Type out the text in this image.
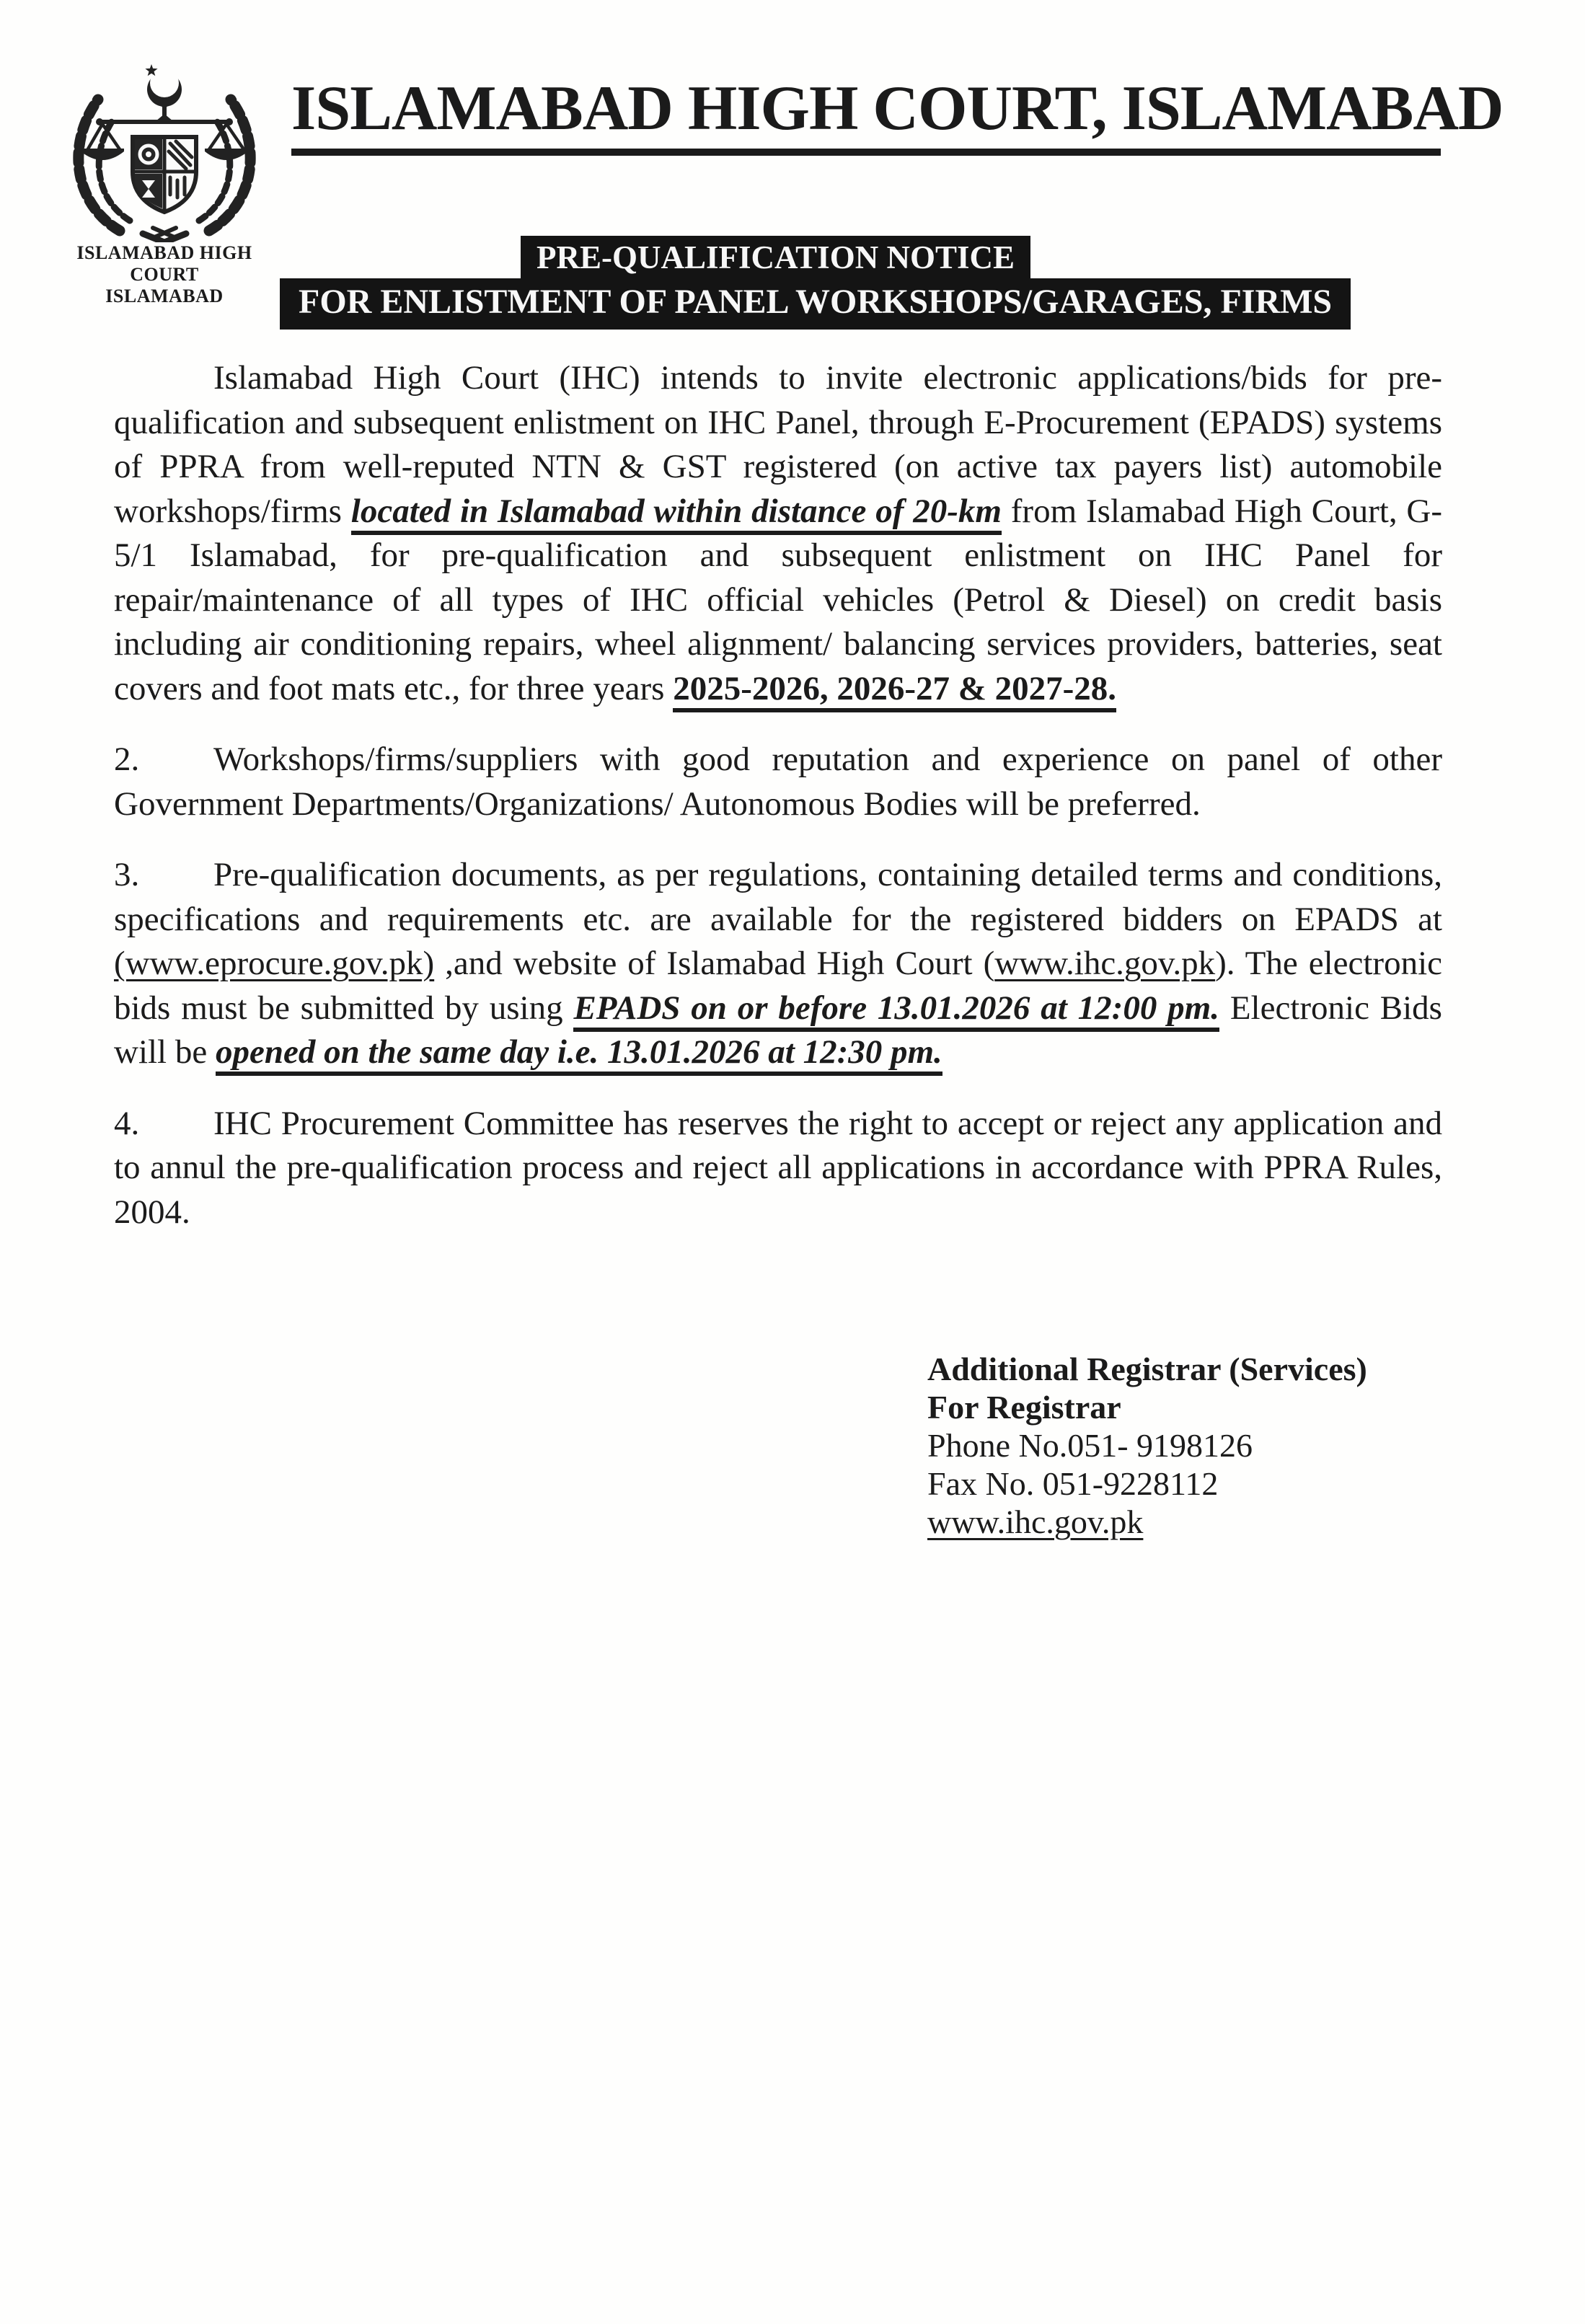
ISLAMABAD HIGH COURT
ISLAMABAD
ISLAMABAD HIGH COURT, ISLAMABAD
PRE-QUALIFICATION NOTICE
FOR ENLISTMENT OF PANEL WORKSHOPS/GARAGES, FIRMS

Islamabad High Court (IHC) intends to invite electronic applications/bids for pre-qualification and subsequent enlistment on IHC Panel, through E-Procurement (EPADS) systems of PPRA from well-reputed NTN & GST registered (on active tax payers list) automobile workshops/firms located in Islamabad within distance of 20-km from Islamabad High Court, G-5/1 Islamabad, for pre-qualification and subsequent enlistment on IHC Panel for repair/maintenance of all types of IHC official vehicles (Petrol & Diesel) on credit basis including air conditioning repairs, wheel alignment/ balancing services providers, batteries, seat covers and foot mats etc., for three years 2025-2026, 2026-27 & 2027-28.

2. Workshops/firms/suppliers with good reputation and experience on panel of other Government Departments/Organizations/ Autonomous Bodies will be preferred.

3. Pre-qualification documents, as per regulations, containing detailed terms and conditions, specifications and requirements etc. are available for the registered bidders on EPADS at (www.eprocure.gov.pk) ,and website of Islamabad High Court (www.ihc.gov.pk). The electronic bids must be submitted by using EPADS on or before 13.01.2026 at 12:00 pm. Electronic Bids will be opened on the same day i.e. 13.01.2026 at 12:30 pm.

4. IHC Procurement Committee has reserves the right to accept or reject any application and to annul the pre-qualification process and reject all applications in accordance with PPRA Rules, 2004.

Additional Registrar (Services)
For Registrar
Phone No.051- 9198126
Fax No. 051-9228112
www.ihc.gov.pk
